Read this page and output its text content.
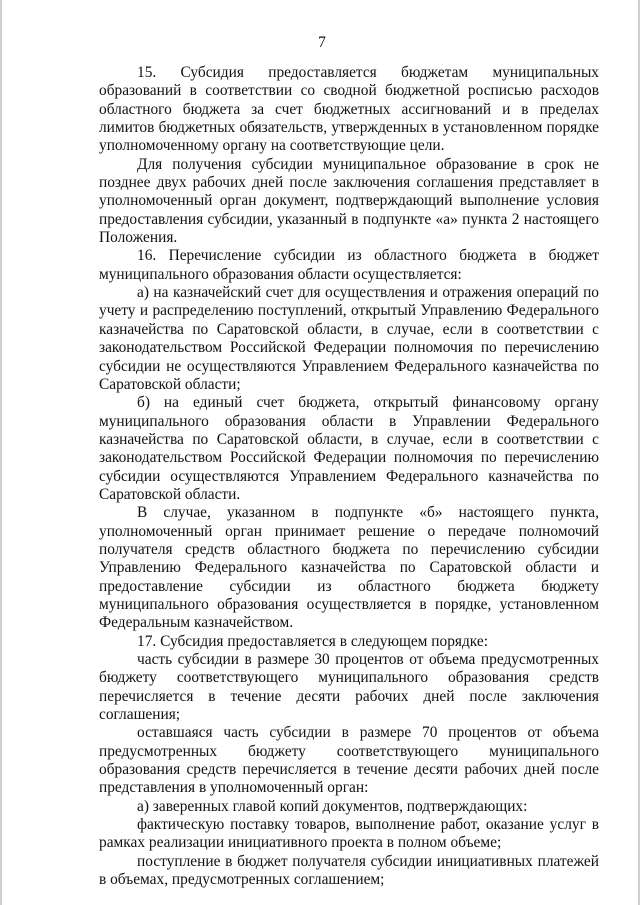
7

15. Субсидия предоставляется бюджетам муниципальных образований в соответствии со сводной бюджетной росписью расходов областного бюджета за счет бюджетных ассигнований и в пределах лимитов бюджетных обязательств, утвержденных в установленном порядке уполномоченному органу на соответствующие цели.

Для получения субсидии муниципальное образование в срок не позднее двух рабочих дней после заключения соглашения представляет в уполномоченный орган документ, подтверждающий выполнение условия предоставления субсидии, указанный в подпункте «а» пункта 2 настоящего Положения.

16. Перечисление субсидии из областного бюджета в бюджет муниципального образования области осуществляется:

а) на казначейский счет для осуществления и отражения операций по учету и распределению поступлений, открытый Управлению Федерального казначейства по Саратовской области, в случае, если в соответствии с законодательством Российской Федерации полномочия по перечислению субсидии не осуществляются Управлением Федерального казначейства по Саратовской области;

б) на единый счет бюджета, открытый финансовому органу муниципального образования области в Управлении Федерального казначейства по Саратовской области, в случае, если в соответствии с законодательством Российской Федерации полномочия по перечислению субсидии осуществляются Управлением Федерального казначейства по Саратовской области.

В случае, указанном в подпункте «б» настоящего пункта, уполномоченный орган принимает решение о передаче полномочий получателя средств областного бюджета по перечислению субсидии Управлению Федерального казначейства по Саратовской области и предоставление субсидии из областного бюджета бюджету муниципального образования осуществляется в порядке, установленном Федеральным казначейством.

17. Субсидия предоставляется в следующем порядке:

часть субсидии в размере 30 процентов от объема предусмотренных бюджету соответствующего муниципального образования средств перечисляется в течение десяти рабочих дней после заключения соглашения;

оставшаяся часть субсидии в размере 70 процентов от объема предусмотренных бюджету соответствующего муниципального образования средств перечисляется в течение десяти рабочих дней после представления в уполномоченный орган:

а) заверенных главой копий документов, подтверждающих:

фактическую поставку товаров, выполнение работ, оказание услуг в рамках реализации инициативного проекта в полном объеме;

поступление в бюджет получателя субсидии инициативных платежей в объемах, предусмотренных соглашением;
